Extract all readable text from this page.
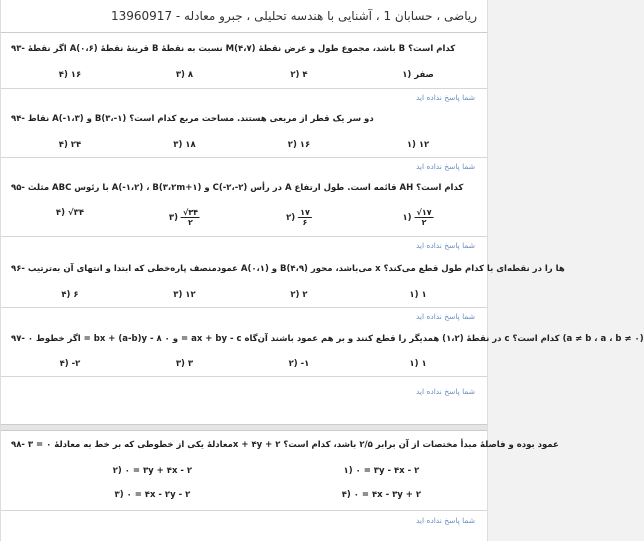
ریاضی ، حسابان 1 ، آشنایی با هندسه تحلیلی ، جبرو معادله - 13960917
۹۳- اگر نقطهٔ A(۰،۶) قرینهٔ نقطهٔ B نسبت به نقطهٔ M(۴،۷) باشد، مجموع طول و عرض نقطهٔ B کدام است؟
۱) صفر
۲) ۴
۳) ۸
۴) ۱۶
شما پاسخ نداده اید
۹۴- نقاط A(-۱،۳) و B(۳،-۱) دو سر یک قطر از مربعی هستند. مساحت مربع کدام است؟
۱) ۱۲
۲) ۱۶
۳) ۱۸
۴) ۲۴
شما پاسخ نداده اید
۹۵- مثلث ABC با رئوس A(-۱،۲) ، B(۳،۲m+۱) و C(-۲،-۲) در رأس A قائمه است. طول ارتفاع AH کدام است؟
۱) $\frac{√۱۷}{۲}$
۲) $\frac{۱۷}{۶}$
۳) $\frac{√۳۴}{۲}$
۴) √۳۴
شما پاسخ نداده اید
۹۶- عمودمنصف پاره‌خطی که ابتدا و انتهای آن به‌ترتیب A(۰،۱) و B(۴،۹) می‌باشد، محور x ها را در نقطه‌ای با کدام طول قطع می‌کند؟
۱) ۱
۲) ۲
۳) ۱۲
۴) ۶
شما پاسخ نداده اید
۹۷- اگر خطوط ۰ = bx + (a-b)y - ۸ و ۰ = ax + by - c در نقطهٔ (۱،۲) همدیگر را قطع کنند و بر هم عمود باشند آن‌گاه c کدام است؟ (a ≠ b ، a ، b ≠ ۰)
۱) ۱
۲) -۱
۳) ۳
۴) -۲
شما پاسخ نداده اید
۹۸- معادلهٔ یکی از خطوطی که بر خط به معادلهٔ ۰ = ۳x + ۴y + ۲ عمود بوده و فاصلهٔ مبدأ مختصات از آن برابر ۲/۵ باشد، کدام است؟
۱) ۰ = ۳y - ۴x - ۲
۲) ۰ = ۳y + ۴x - ۲
۳) ۰ = ۴x - ۲y - ۲	۴) ۰ = ۴x - ۳y + ۲
شما پاسخ نداده اید
